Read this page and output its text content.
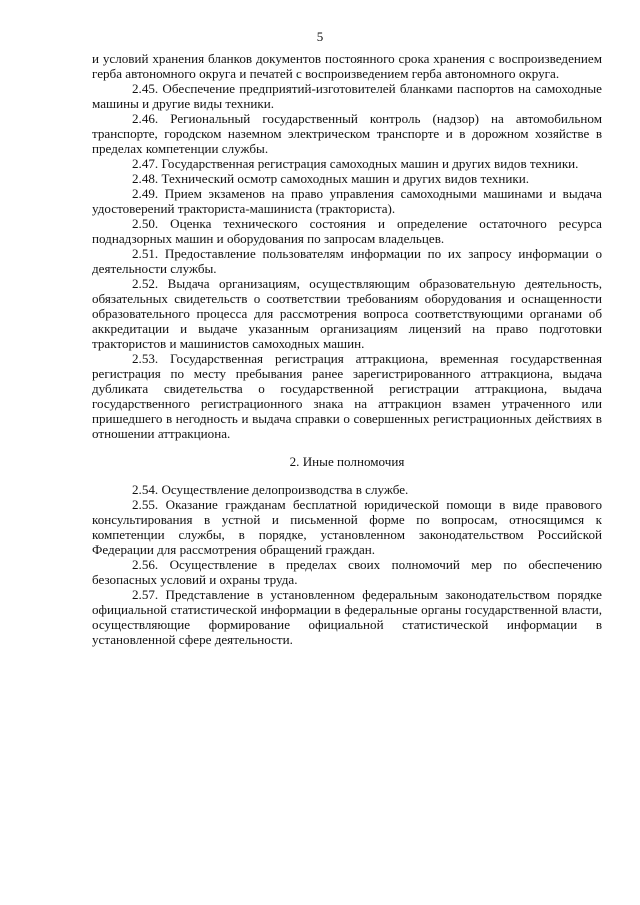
5

и условий хранения бланков документов постоянного срока хранения с воспроизведением герба автономного округа и печатей с воспроизведением герба автономного округа.

2.45. Обеспечение предприятий-изготовителей бланками паспортов на самоходные машины и другие виды техники.

2.46. Региональный государственный контроль (надзор) на автомобильном транспорте, городском наземном электрическом транспорте и в дорожном хозяйстве в пределах компетенции службы.

2.47. Государственная регистрация самоходных машин и других видов техники.

2.48. Технический осмотр самоходных машин и других видов техники.

2.49. Прием экзаменов на право управления самоходными машинами и выдача удостоверений тракториста-машиниста (тракториста).

2.50. Оценка технического состояния и определение остаточного ресурса поднадзорных машин и оборудования по запросам владельцев.

2.51. Предоставление пользователям информации по их запросу информации о деятельности службы.

2.52. Выдача организациям, осуществляющим образовательную деятельность, обязательных свидетельств о соответствии требованиям оборудования и оснащенности образовательного процесса для рассмотрения вопроса соответствующими органами об аккредитации и выдаче указанным организациям лицензий на право подготовки трактористов и машинистов самоходных машин.

2.53. Государственная регистрация аттракциона, временная государственная регистрация по месту пребывания ранее зарегистрированного аттракциона, выдача дубликата свидетельства о государственной регистрации аттракциона, выдача государственного регистрационного знака на аттракцион взамен утраченного или пришедшего в негодность и выдача справки о совершенных регистрационных действиях в отношении аттракциона.

2. Иные полномочия

2.54. Осуществление делопроизводства в службе.

2.55. Оказание гражданам бесплатной юридической помощи в виде правового консультирования в устной и письменной форме по вопросам, относящимся к компетенции службы, в порядке, установленном законодательством Российской Федерации для рассмотрения обращений граждан.

2.56. Осуществление в пределах своих полномочий мер по обеспечению безопасных условий и охраны труда.

2.57. Представление в установленном федеральным законодательством порядке официальной статистической информации в федеральные органы государственной власти, осуществляющие формирование официальной статистической информации в установленной сфере деятельности.
